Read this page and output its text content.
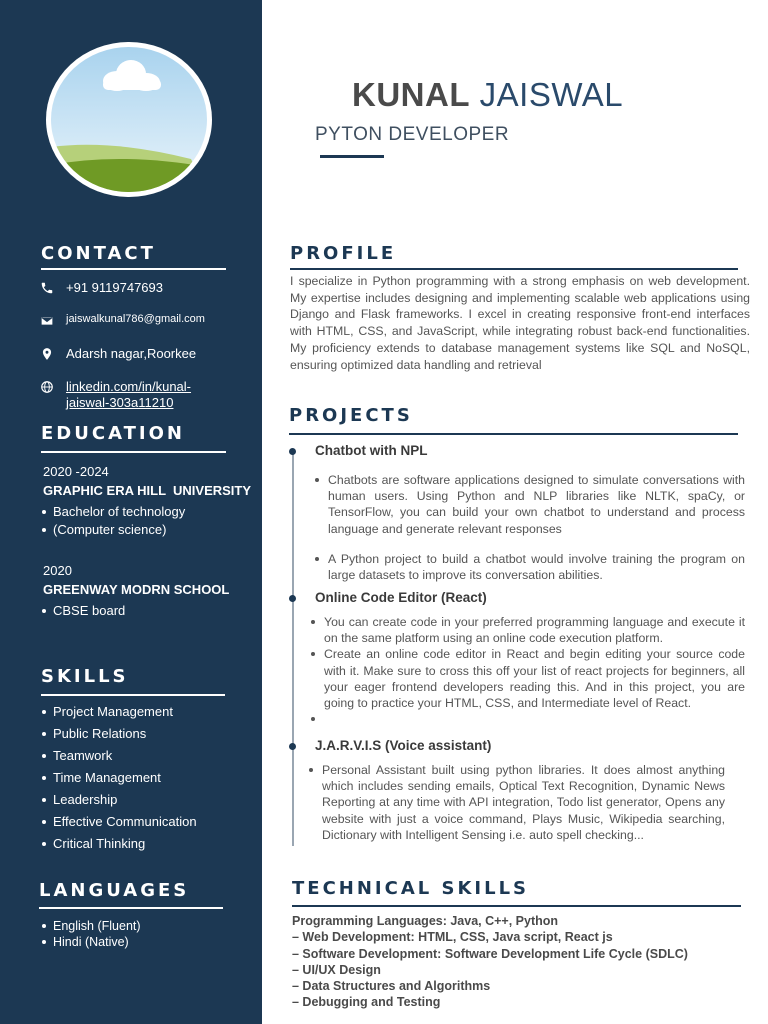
CONTACT
+91 9119747693
jaiswalkunal786@gmail.com
Adarsh nagar,Roorkee
linkedin.com/in/kunal-
jaiswal-303a11210
EDUCATION
2020 -2024
GRAPHIC ERA HILL  UNIVERSITY
Bachelor of technology
(Computer science)
2020
GREENWAY MODRN SCHOOL
CBSE board
SKILLS
Project Management
Public Relations
Teamwork
Time Management
Leadership
Effective Communication
Critical Thinking
LANGUAGES
English (Fluent)
Hindi (Native)
KUNAL JAISWAL
PYTON DEVELOPER
PROFILE
I specialize in Python programming with a strong emphasis on web development. My expertise includes designing and implementing scalable web applications using Django and Flask frameworks. I excel in creating responsive front-end interfaces with HTML, CSS, and JavaScript, while integrating robust back-end functionalities. My proficiency extends to database management systems like SQL and NoSQL, ensuring optimized data handling and retrieval
PROJECTS
Chatbot with NPL
Chatbots are software applications designed to simulate conversations with human users. Using Python and NLP libraries like NLTK, spaCy, or TensorFlow, you can build your own chatbot to understand and process language and generate relevant responses
A Python project to build a chatbot would involve training the program on large datasets to improve its conversation abilities.
Online Code Editor (React)
You can create code in your preferred programming language and execute it on the same platform using an online code execution platform.
Create an online code editor in React and begin editing your source code with it. Make sure to cross this off your list of react projects for beginners, all your eager frontend developers reading this. And in this project, you are going to practice your HTML, CSS, and Intermediate level of React.
J.A.R.V.I.S (Voice assistant)
Personal Assistant built using python libraries. It does almost anything which includes sending emails, Optical Text Recognition, Dynamic News Reporting at any time with API integration, Todo list generator, Opens any website with just a voice command, Plays Music, Wikipedia searching, Dictionary with Intelligent Sensing i.e. auto spell checking...
TECHNICAL SKILLS
Programming Languages: Java, C++, Python
– Web Development: HTML, CSS, Java script, React js
– Software Development: Software Development Life Cycle (SDLC)
– UI/UX Design
– Data Structures and Algorithms
– Debugging and Testing
